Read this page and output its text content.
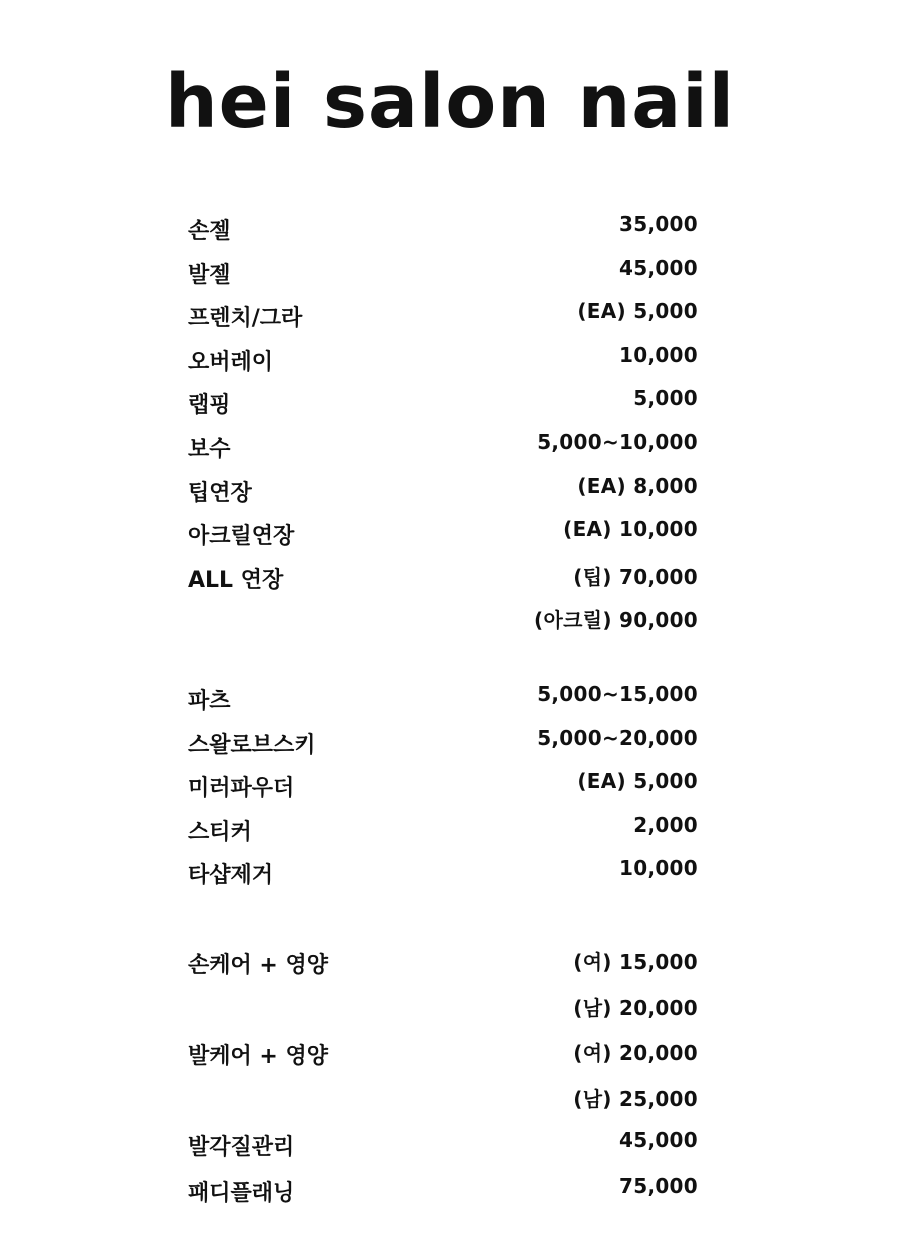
hei salon nail
손젤	35,000
발젤	45,000
프렌치/그라	(EA) 5,000
오버레이	10,000
랩핑	5,000
보수	5,000~10,000
팁연장	(EA) 8,000
아크릴연장	(EA) 10,000
ALL 연장	(팁) 70,000
(아크릴) 90,000
파츠	5,000~15,000
스왈로브스키	5,000~20,000
미러파우더	(EA) 5,000
스티커	2,000
타샵제거	10,000
손케어 + 영양	(여) 15,000
(남) 20,000
발케어 + 영양	(여) 20,000
(남) 25,000
발각질관리	45,000
패디플래닝	75,000
